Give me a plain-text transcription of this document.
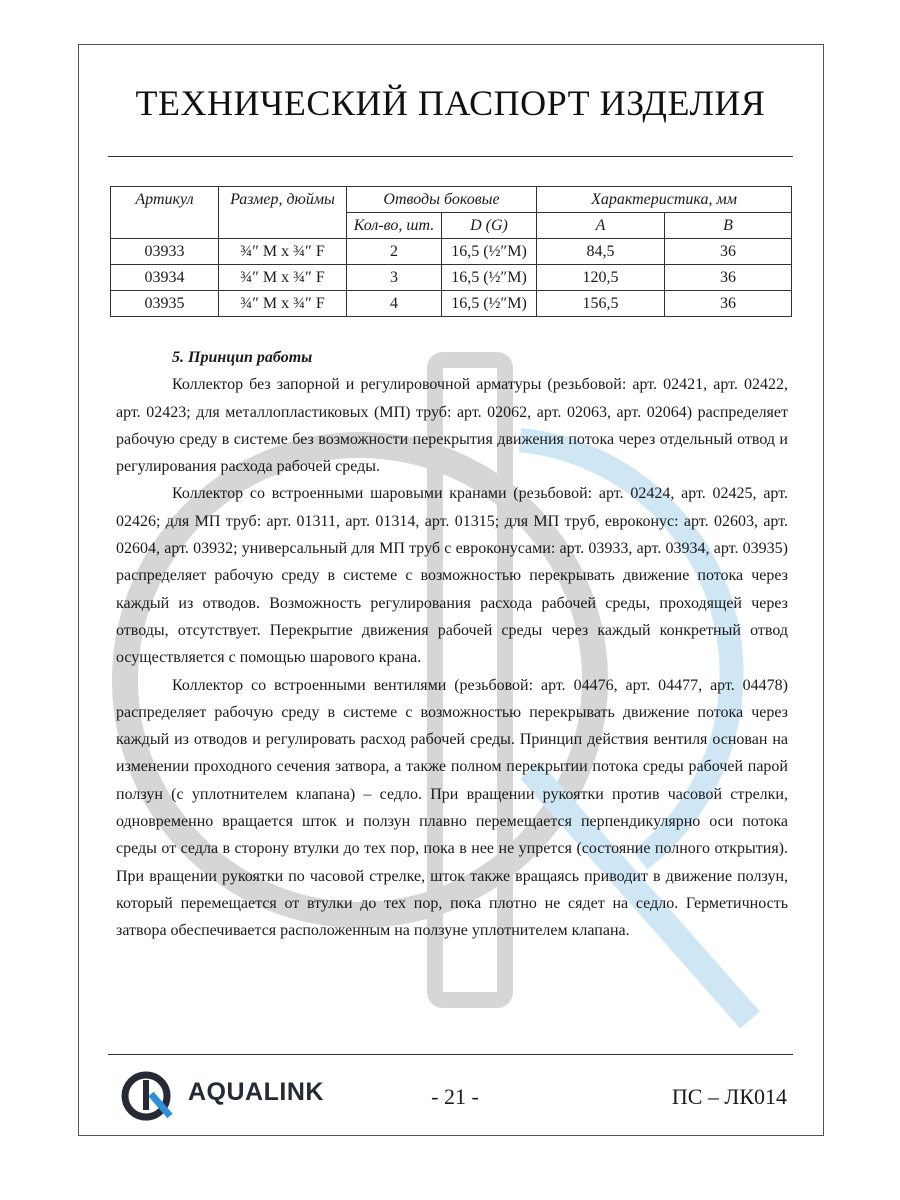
ТЕХНИЧЕСКИЙ ПАСПОРТ ИЗДЕЛИЯ
Артикул	Размер, дюймы	Отводы боковые		Характеристика, мм	
		Кол-во, шт.	D (G)	А	В
03933	¾″ M x ¾″ F	2	16,5 (½″M)	84,5	36
03934	¾″ M x ¾″ F	3	16,5 (½″M)	120,5	36
03935	¾″ M x ¾″ F	4	16,5 (½″M)	156,5	36
5. Принцип работы

Коллектор без запорной и регулировочной арматуры (резьбовой: арт. 02421, арт. 02422, арт. 02423; для металлопластиковых (МП) труб: арт. 02062, арт. 02063, арт. 02064) распределяет рабочую среду в системе без возможности перекрытия движения потока через отдельный отвод и регулирования расхода рабочей среды.

Коллектор со встроенными шаровыми кранами (резьбовой: арт. 02424, арт. 02425, арт. 02426; для МП труб: арт. 01311, арт. 01314, арт. 01315; для МП труб, евроконус: арт. 02603, арт. 02604, арт. 03932; универсальный для МП труб с евроконусами: арт. 03933, арт. 03934, арт. 03935) распределяет рабочую среду в системе с возможностью перекрывать движение потока через каждый из отводов. Возможность регулирования расхода рабочей среды, проходящей через отводы, отсутствует. Перекрытие движения рабочей среды через каждый конкретный отвод осуществляется с помощью шарового крана.

Коллектор со встроенными вентилями (резьбовой: арт. 04476, арт. 04477, арт. 04478) распределяет рабочую среду в системе с возможностью перекрывать движение потока через каждый из отводов и регулировать расход рабочей среды. Принцип действия вентиля основан на изменении проходного сечения затвора, а также полном перекрытии потока среды рабочей парой ползун (с уплотнителем клапана) – седло. При вращении рукоятки против часовой стрелки, одновременно вращается шток и ползун плавно перемещается перпендикулярно оси потока среды от седла в сторону втулки до тех пор, пока в нее не упрется (состояние полного открытия). При вращении рукоятки по часовой стрелке, шток также вращаясь приводит в движение ползун, который перемещается от втулки до тех пор, пока плотно не сядет на седло. Герметичность затвора обеспечивается расположенным на ползуне уплотнителем клапана.

AQUALINK	- 21 -	ПС – ЛК014
